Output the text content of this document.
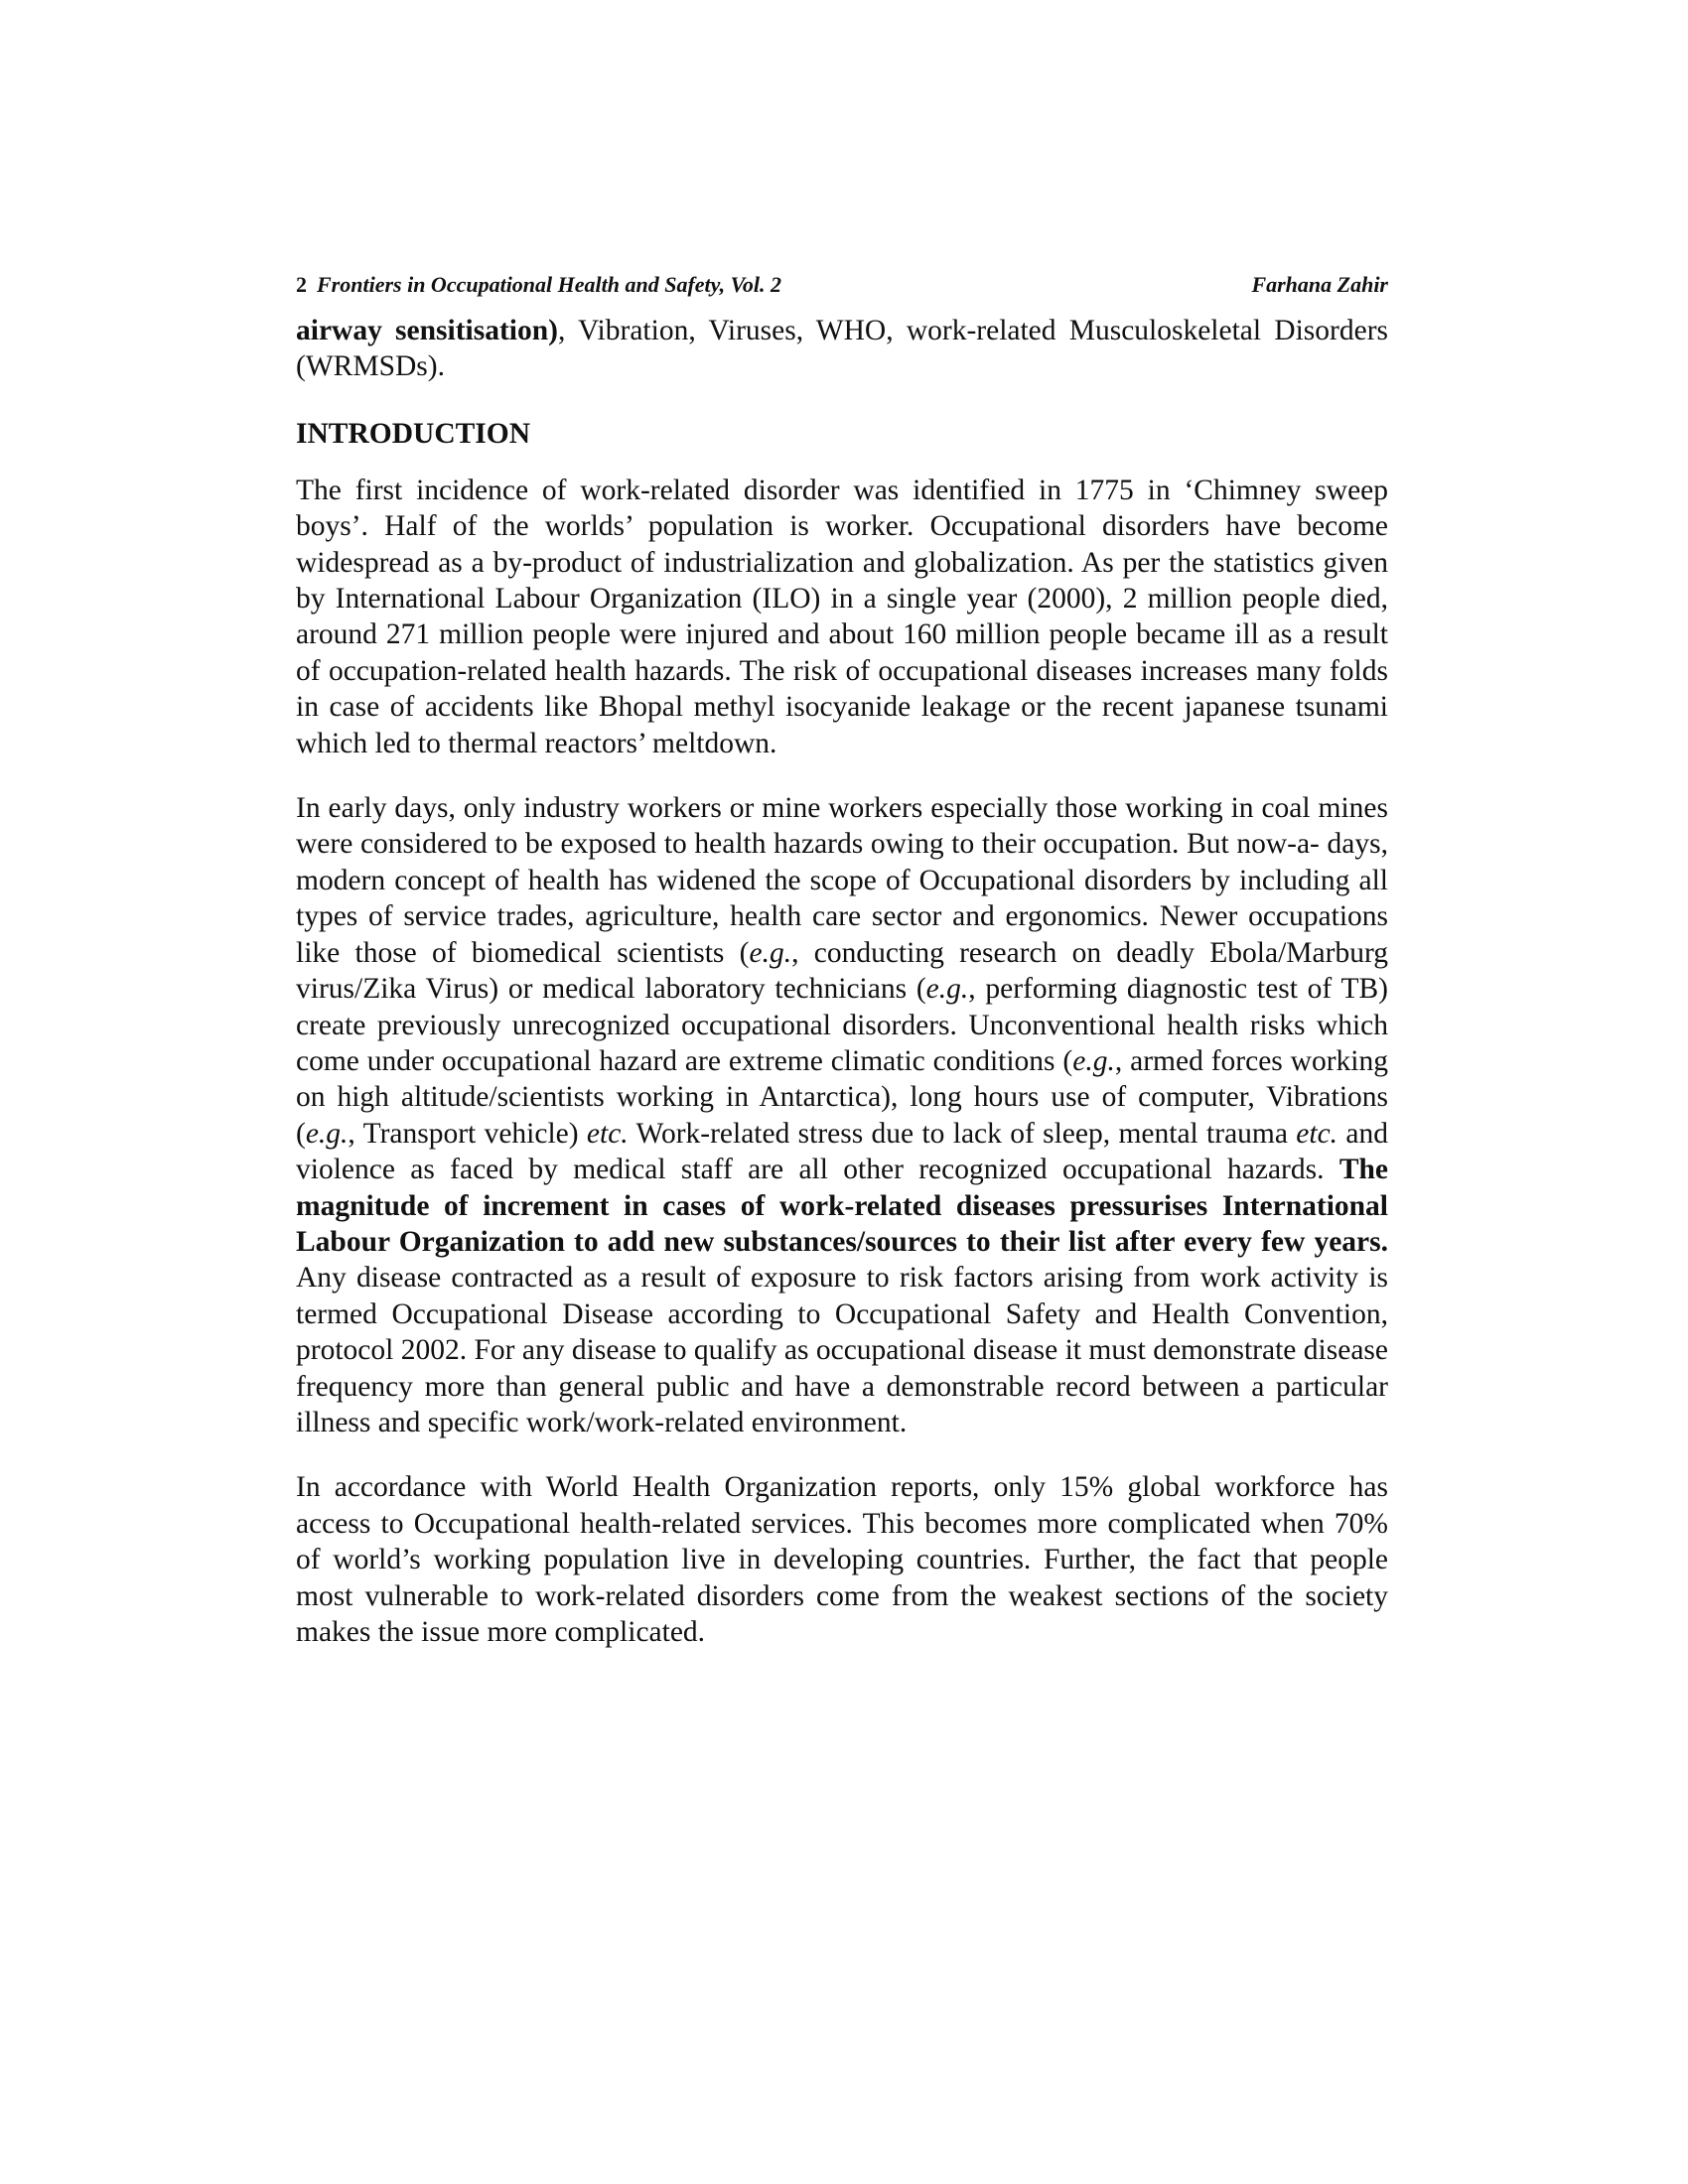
2 Frontiers in Occupational Health and Safety, Vol. 2	Farhana Zahir

airway sensitisation), Vibration, Viruses, WHO, work-related Musculoskeletal Disorders (WRMSDs).

INTRODUCTION

The first incidence of work-related disorder was identified in 1775 in ‘Chimney sweep boys’. Half of the worlds’ population is worker. Occupational disorders have become widespread as a by-product of industrialization and globalization. As per the statistics given by International Labour Organization (ILO) in a single year (2000), 2 million people died, around 271 million people were injured and about 160 million people became ill as a result of occupation-related health hazards. The risk of occupational diseases increases many folds in case of accidents like Bhopal methyl isocyanide leakage or the recent japanese tsunami which led to thermal reactors’ meltdown.

In early days, only industry workers or mine workers especially those working in coal mines were considered to be exposed to health hazards owing to their occupation. But now-a- days, modern concept of health has widened the scope of Occupational disorders by including all types of service trades, agriculture, health care sector and ergonomics. Newer occupations like those of biomedical scientists (e.g., conducting research on deadly Ebola/Marburg virus/Zika Virus) or medical laboratory technicians (e.g., performing diagnostic test of TB) create previously unrecognized occupational disorders. Unconventional health risks which come under occupational hazard are extreme climatic conditions (e.g., armed forces working on high altitude/scientists working in Antarctica), long hours use of computer, Vibrations (e.g., Transport vehicle) etc. Work-related stress due to lack of sleep, mental trauma etc. and violence as faced by medical staff are all other recognized occupational hazards. The magnitude of increment in cases of work-related diseases pressurises International Labour Organization to add new substances/sources to their list after every few years. Any disease contracted as a result of exposure to risk factors arising from work activity is termed Occupational Disease according to Occupational Safety and Health Convention, protocol 2002. For any disease to qualify as occupational disease it must demonstrate disease frequency more than general public and have a demonstrable record between a particular illness and specific work/work-related environment.

In accordance with World Health Organization reports, only 15% global workforce has access to Occupational health-related services. This becomes more complicated when 70% of world’s working population live in developing countries. Further, the fact that people most vulnerable to work-related disorders come from the weakest sections of the society makes the issue more complicated.
